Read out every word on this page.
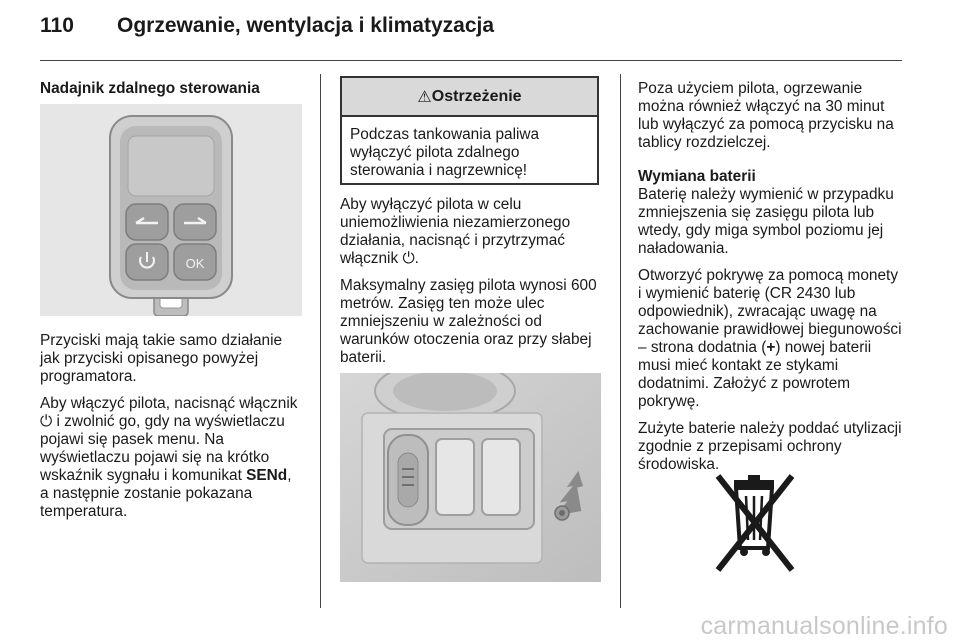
110 Ogrzewanie, wentylacja i klimatyzacja
Nadajnik zdalnego sterowania
OK

Przyciski mają takie samo działanie jak przyciski opisanego powyżej programatora.

Aby włączyć pilota, nacisnąć włącznik ⏻ i zwolnić go, gdy na wyświetlaczu pojawi się pasek menu. Na wyświetlaczu pojawi się na krótko wskaźnik sygnału i komunikat SENd, a następnie zostanie pokazana temperatura.

⚠ Ostrzeżenie
Podczas tankowania paliwa wyłączyć pilota zdalnego sterowania i nagrzewnicę!

Aby wyłączyć pilota w celu uniemożliwienia niezamierzonego działania, nacisnąć i przytrzymać włącznik ⏻.

Maksymalny zasięg pilota wynosi 600 metrów. Zasięg ten może ulec zmniejszeniu w zależności od warunków otoczenia oraz przy słabej baterii.

Poza użyciem pilota, ogrzewanie można również włączyć na 30 minut lub wyłączyć za pomocą przycisku na tablicy rozdzielczej.

Wymiana baterii

Baterię należy wymienić w przypadku zmniejszenia się zasięgu pilota lub wtedy, gdy miga symbol poziomu jej naładowania.

Otworzyć pokrywę za pomocą monety i wymienić baterię (CR 2430 lub odpowiednik), zwracając uwagę na zachowanie prawidłowej biegunowości – strona dodatnia (+) nowej baterii musi mieć kontakt ze stykami dodatnimi. Założyć z powrotem pokrywę.

Zużyte baterie należy poddać utylizacji zgodnie z przepisami ochrony środowiska.

carmanualsonline.info
